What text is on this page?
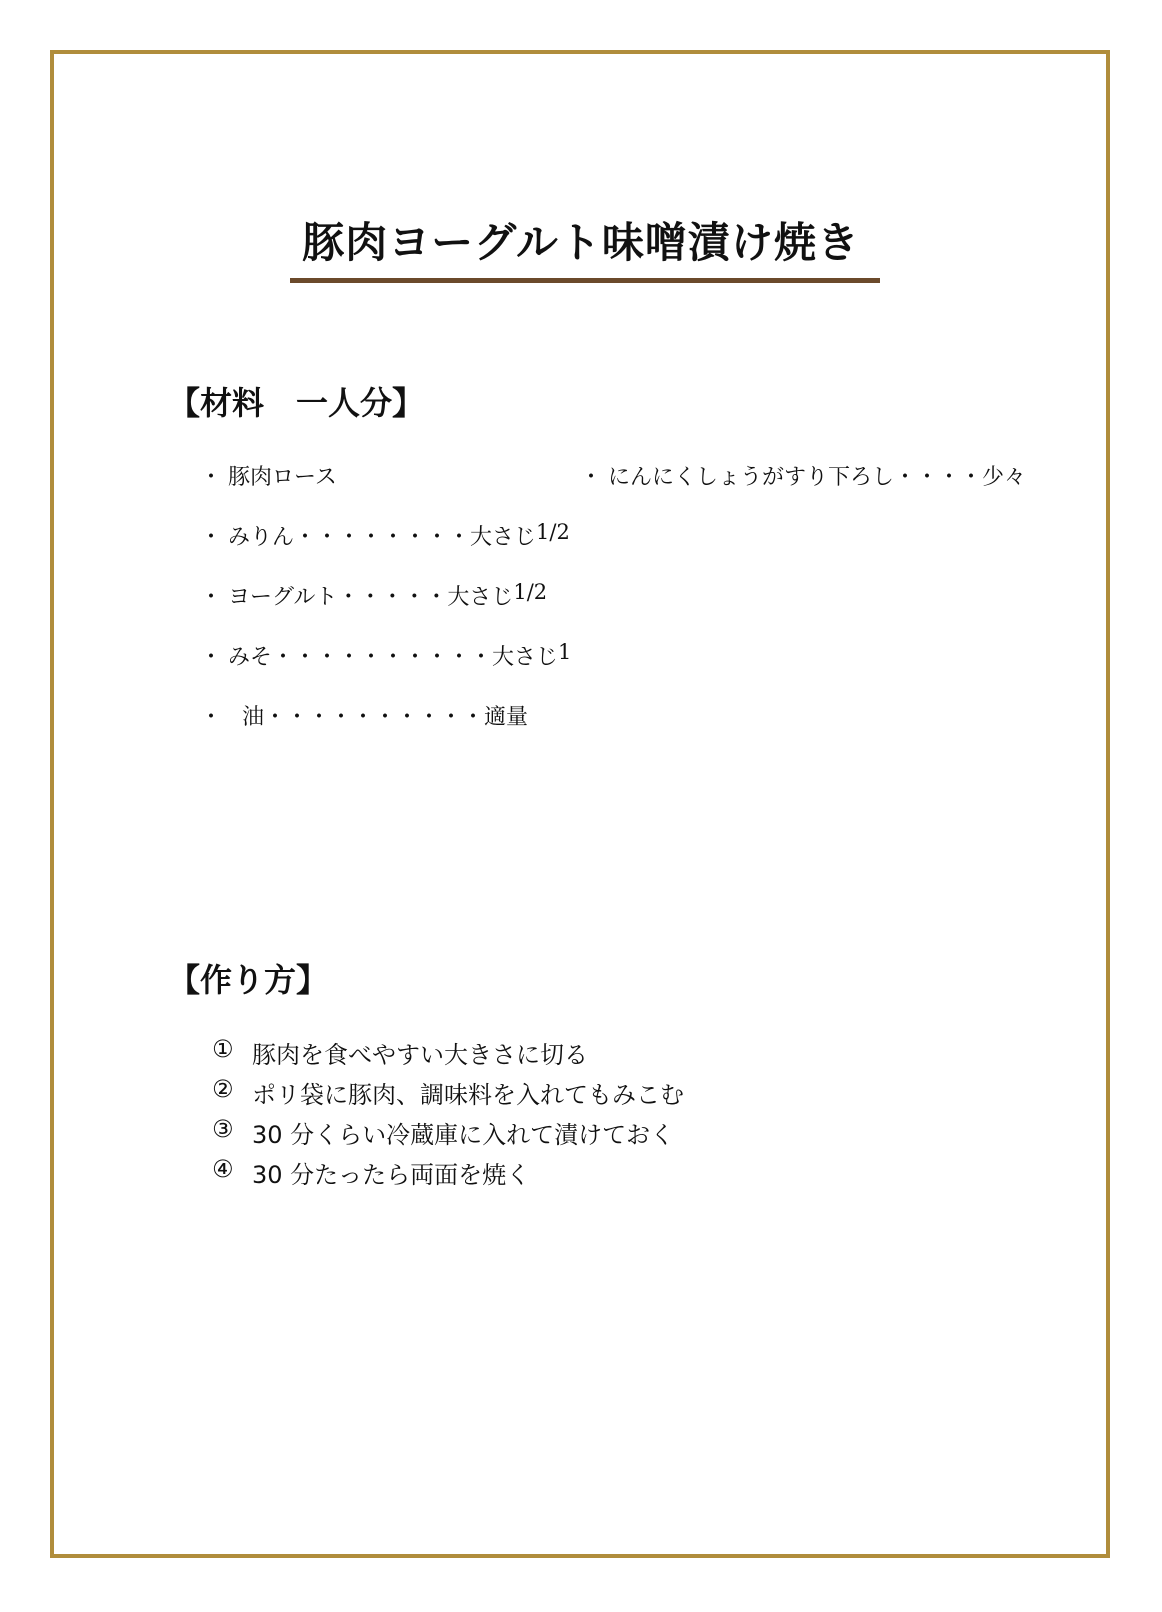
豚肉ヨーグルト味噌漬け焼き
【材料　一人分】
・ 豚肉ロース
・ みりん ・・・・・・・・ 大さじ 1/2
・ ヨーグルト ・・・・・ 大さじ 1/2
・ みそ ・・・・・・・・・・ 大さじ 1
・ 油 ・・・・・・・・・・ 適量
・ にんにくしょうがすり下ろし ・・・・ 少々
【作り方】
① 豚肉を食べやすい大きさに切る
② ポリ袋に豚肉、調味料を入れてもみこむ
③ 30 分くらい冷蔵庫に入れて漬けておく
④ 30 分たったら両面を焼く
